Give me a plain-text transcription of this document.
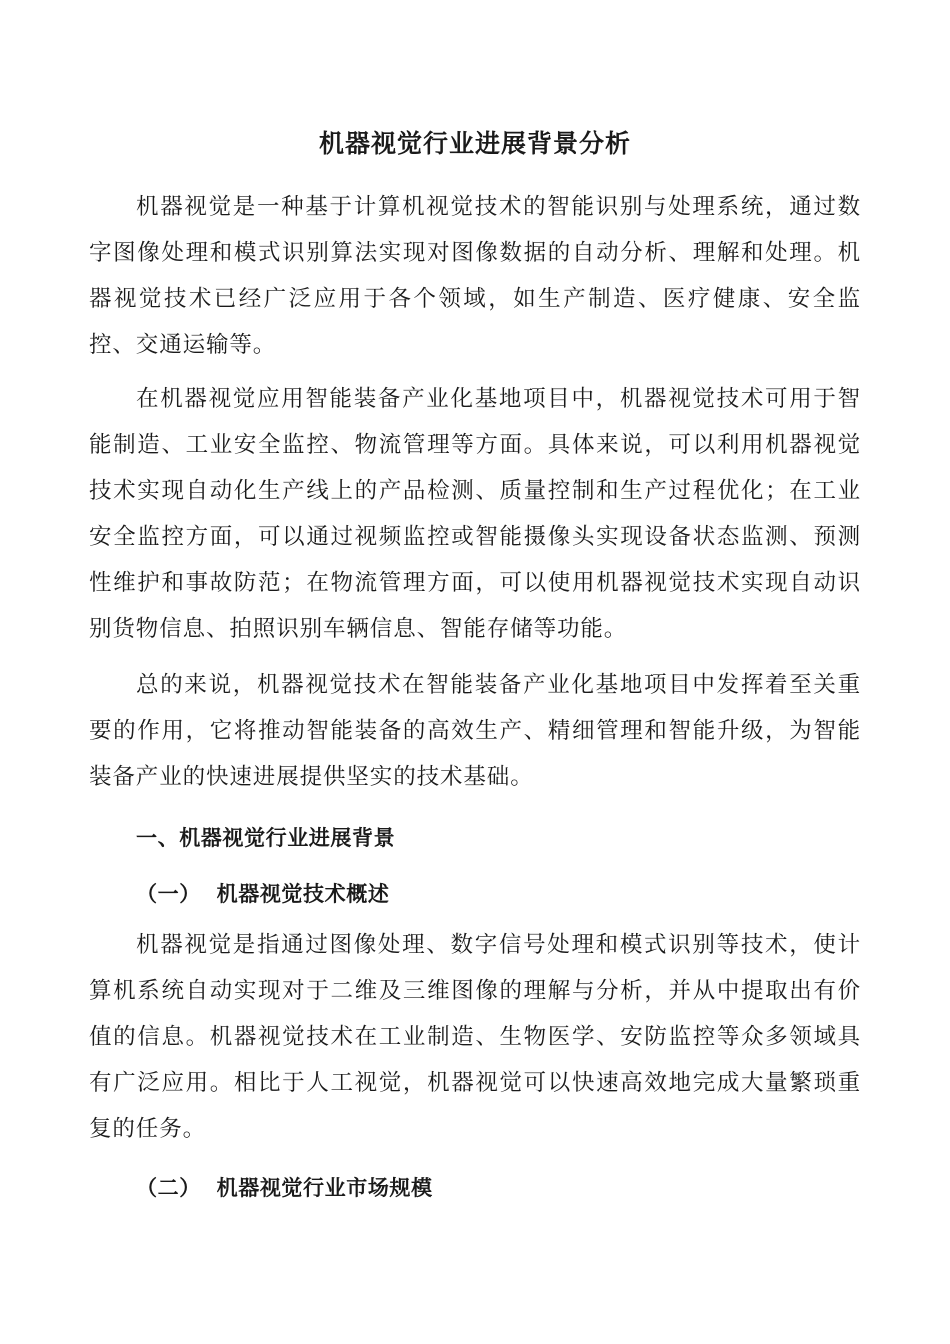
机器视觉行业进展背景分析

机器视觉是一种基于计算机视觉技术的智能识别与处理系统，通过数字图像处理和模式识别算法实现对图像数据的自动分析、理解和处理。机器视觉技术已经广泛应用于各个领域，如生产制造、医疗健康、安全监控、交通运输等。

在机器视觉应用智能装备产业化基地项目中，机器视觉技术可用于智能制造、工业安全监控、物流管理等方面。具体来说，可以利用机器视觉技术实现自动化生产线上的产品检测、质量控制和生产过程优化；在工业安全监控方面，可以通过视频监控或智能摄像头实现设备状态监测、预测性维护和事故防范；在物流管理方面，可以使用机器视觉技术实现自动识别货物信息、拍照识别车辆信息、智能存储等功能。

总的来说，机器视觉技术在智能装备产业化基地项目中发挥着至关重要的作用，它将推动智能装备的高效生产、精细管理和智能升级，为智能装备产业的快速进展提供坚实的技术基础。

一、机器视觉行业进展背景
（一）  机器视觉技术概述

机器视觉是指通过图像处理、数字信号处理和模式识别等技术，使计算机系统自动实现对于二维及三维图像的理解与分析，并从中提取出有价值的信息。机器视觉技术在工业制造、生物医学、安防监控等众多领域具有广泛应用。相比于人工视觉，机器视觉可以快速高效地完成大量繁琐重复的任务。

（二）  机器视觉行业市场规模
